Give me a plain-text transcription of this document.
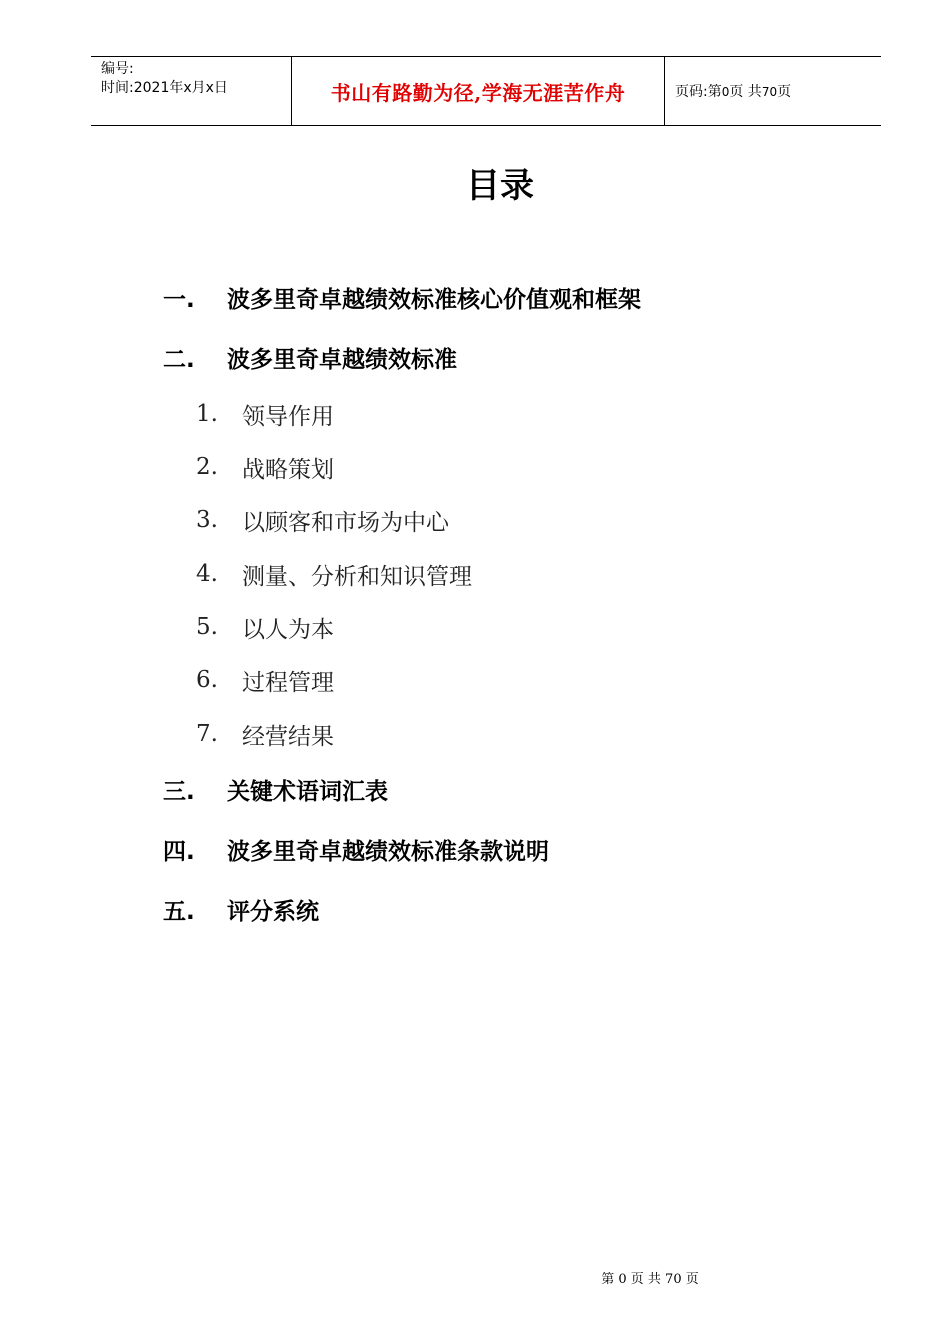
编号:
时间:2021年x月x日	书山有路勤为径,学海无涯苦作舟	页码:第0页 共70页
目录
一.	波多里奇卓越绩效标准核心价值观和框架
二.	波多里奇卓越绩效标准
1.	领导作用
2.	战略策划
3.	以顾客和市场为中心
4.	测量、分析和知识管理
5.	以人为本
6.	过程管理
7.	经营结果
三.	关键术语词汇表
四.	波多里奇卓越绩效标准条款说明
五.	评分系统
第 0 页 共 70 页
